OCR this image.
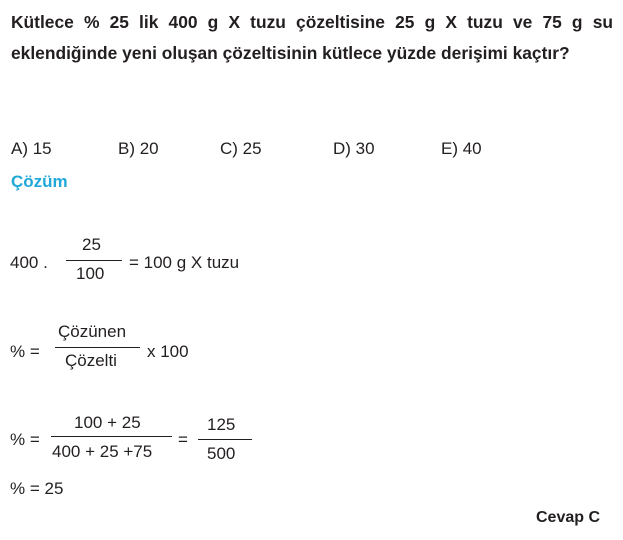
Kütlece % 25 lik 400 g X tuzu çözeltisine 25 g X tuzu ve 75 g su eklendiğinde yeni oluşan çözeltisinin kütlece yüzde derişimi kaçtır?
A) 15	B) 20	C) 25	D) 30	E) 40
Çözüm
400 .
25
100
= 100 g X tuzu
% =
Çözünen
Çözelti x 100
% =
100 + 25
400 + 25 +75
=
125
500
% = 25
Cevap C
